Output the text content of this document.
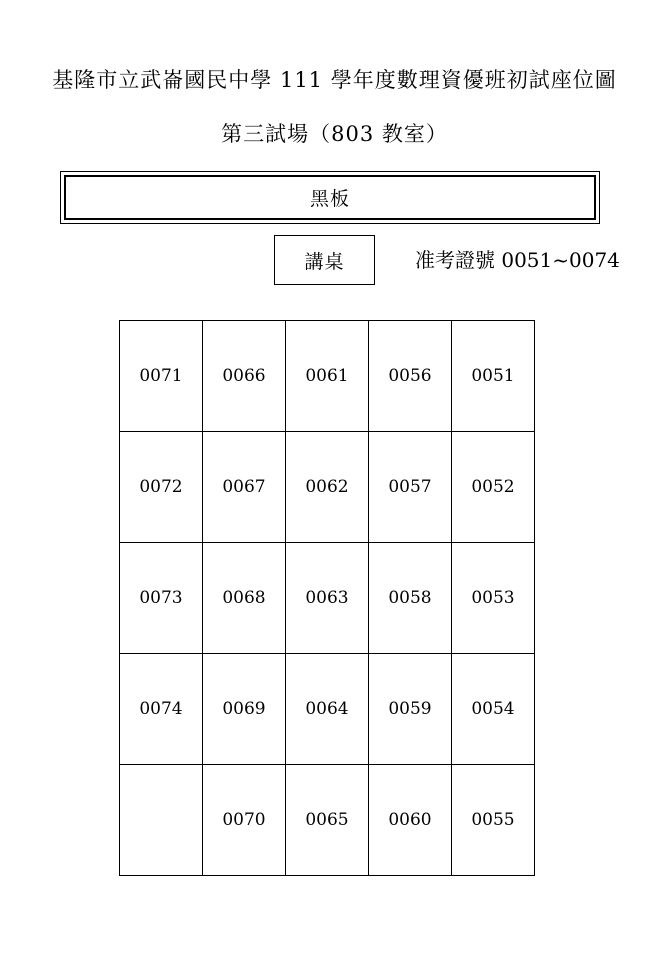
基隆市立武崙國民中學 111 學年度數理資優班初試座位圖
第三試場（803 教室）
黑板
講桌	准考證號 0051~0074
0071	0066	0061	0056	0051
0072	0067	0062	0057	0052
0073	0068	0063	0058	0053
0074	0069	0064	0059	0054
	0070	0065	0060	0055
